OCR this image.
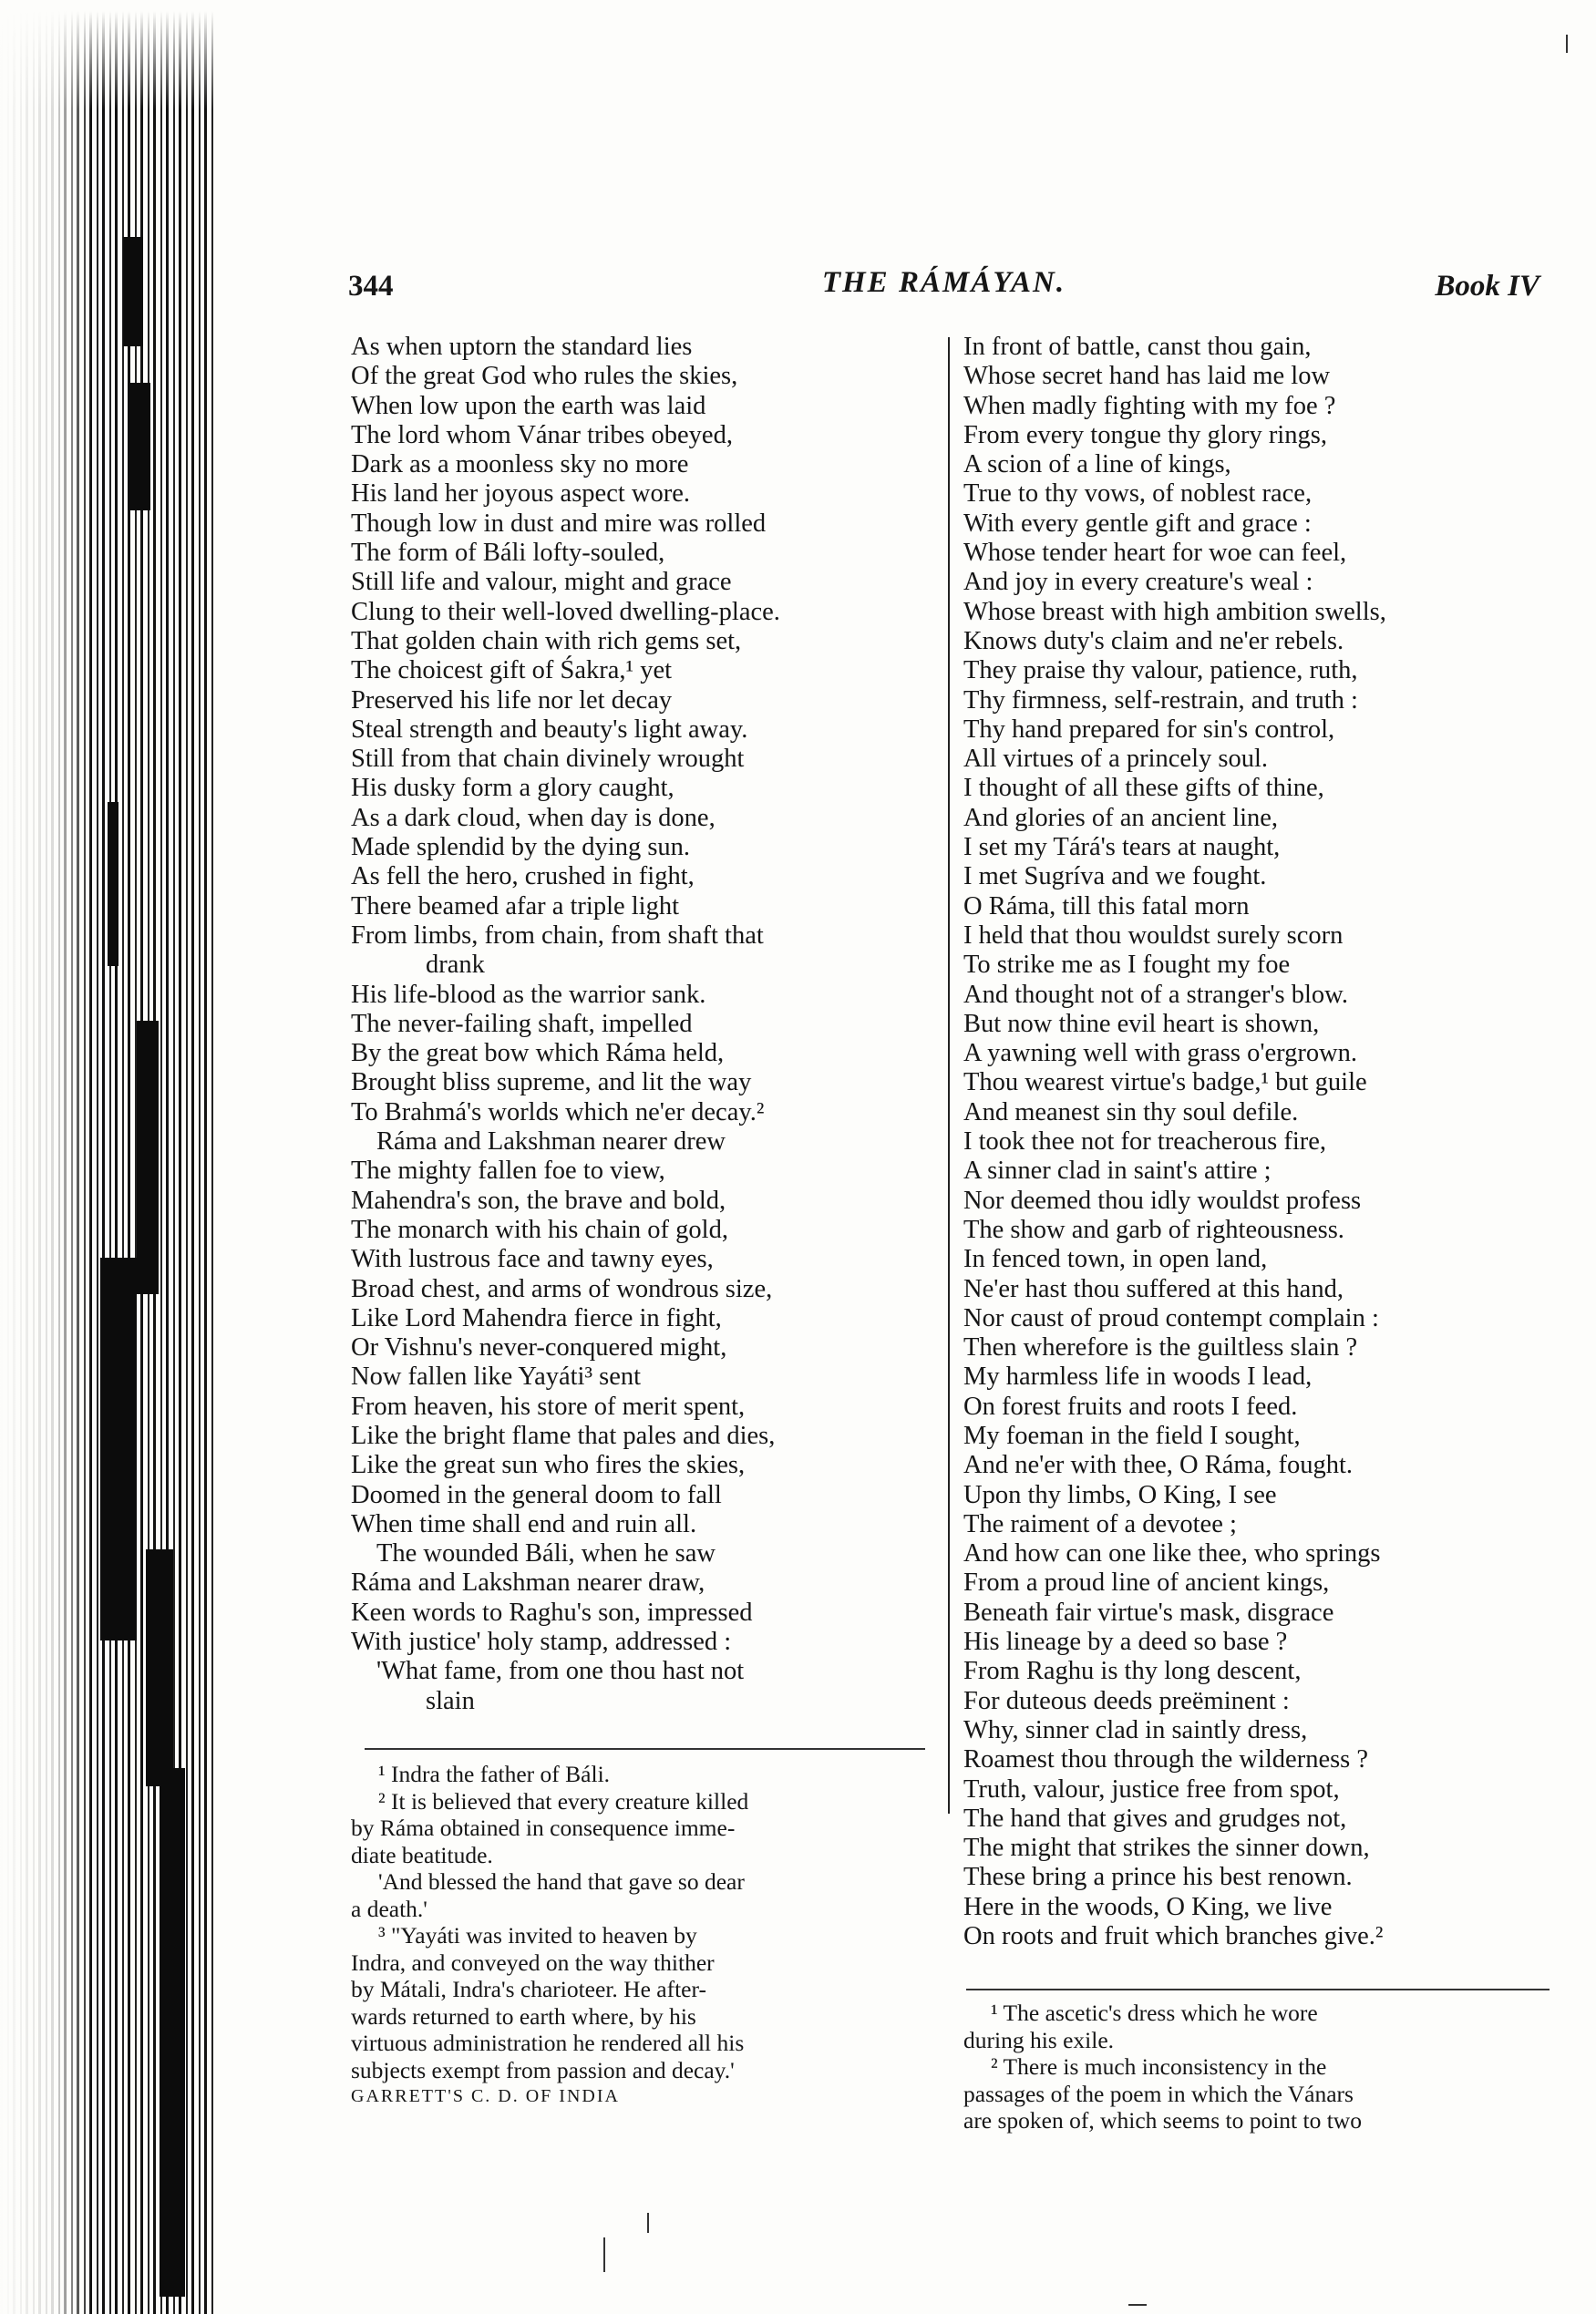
344	THE RÁMÁYAN.	Book IV
As when uptorn the standard lies
Of the great God who rules the skies,
When low upon the earth was laid
The lord whom Vánar tribes obeyed,
Dark as a moonless sky no more
His land her joyous aspect wore.
Though low in dust and mire was rolled
The form of Báli lofty-souled,
Still life and valour, might and grace
Clung to their well-loved dwelling-place.
That golden chain with rich gems set,
The choicest gift of Śakra,¹ yet
Preserved his life nor let decay
Steal strength and beauty's light away.
Still from that chain divinely wrought
His dusky form a glory caught,
As a dark cloud, when day is done,
Made splendid by the dying sun.
As fell the hero, crushed in fight,
There beamed afar a triple light
From limbs, from chain, from shaft that
drank
His life-blood as the warrior sank.
The never-failing shaft, impelled
By the great bow which Ráma held,
Brought bliss supreme, and lit the way
To Brahmá's worlds which ne'er decay.²
Ráma and Lakshman nearer drew
The mighty fallen foe to view,
Mahendra's son, the brave and bold,
The monarch with his chain of gold,
With lustrous face and tawny eyes,
Broad chest, and arms of wondrous size,
Like Lord Mahendra fierce in fight,
Or Vishnu's never-conquered might,
Now fallen like Yayáti³ sent
From heaven, his store of merit spent,
Like the bright flame that pales and dies,
Like the great sun who fires the skies,
Doomed in the general doom to fall
When time shall end and ruin all.
The wounded Báli, when he saw
Ráma and Lakshman nearer draw,
Keen words to Raghu's son, impressed
With justice' holy stamp, addressed :
'What fame, from one thou hast not
slain
In front of battle, canst thou gain,
Whose secret hand has laid me low
When madly fighting with my foe ?
From every tongue thy glory rings,
A scion of a line of kings,
True to thy vows, of noblest race,
With every gentle gift and grace :
Whose tender heart for woe can feel,
And joy in every creature's weal :
Whose breast with high ambition swells,
Knows duty's claim and ne'er rebels.
They praise thy valour, patience, ruth,
Thy firmness, self-restrain, and truth :
Thy hand prepared for sin's control,
All virtues of a princely soul.
I thought of all these gifts of thine,
And glories of an ancient line,
I set my Tárá's tears at naught,
I met Sugríva and we fought.
O Ráma, till this fatal morn
I held that thou wouldst surely scorn
To strike me as I fought my foe
And thought not of a stranger's blow.
But now thine evil heart is shown,
A yawning well with grass o'ergrown.
Thou wearest virtue's badge,¹ but guile
And meanest sin thy soul defile.
I took thee not for treacherous fire,
A sinner clad in saint's attire ;
Nor deemed thou idly wouldst profess
The show and garb of righteousness.
In fenced town, in open land,
Ne'er hast thou suffered at this hand,
Nor caust of proud contempt complain :
Then wherefore is the guiltless slain ?
My harmless life in woods I lead,
On forest fruits and roots I feed.
My foeman in the field I sought,
And ne'er with thee, O Ráma, fought.
Upon thy limbs, O King, I see
The raiment of a devotee ;
And how can one like thee, who springs
From a proud line of ancient kings,
Beneath fair virtue's mask, disgrace
His lineage by a deed so base ?
From Raghu is thy long descent,
For duteous deeds preëminent :
Why, sinner clad in saintly dress,
Roamest thou through the wilderness ?
Truth, valour, justice free from spot,
The hand that gives and grudges not,
The might that strikes the sinner down,
These bring a prince his best renown.
Here in the woods, O King, we live
On roots and fruit which branches give.²
¹ Indra the father of Báli.
² It is believed that every creature killed
by Ráma obtained in consequence imme-
diate beatitude.
'And blessed the hand that gave so dear
a death.'
³ "Yayáti was invited to heaven by
Indra, and conveyed on the way thither
by Mátali, Indra's charioteer. He after-
wards returned to earth where, by his
virtuous administration he rendered all his
subjects exempt from passion and decay.'
GARRETT'S C. D. OF INDIA
¹ The ascetic's dress which he wore
during his exile.
² There is much inconsistency in the
passages of the poem in which the Vánars
are spoken of, which seems to point to two
